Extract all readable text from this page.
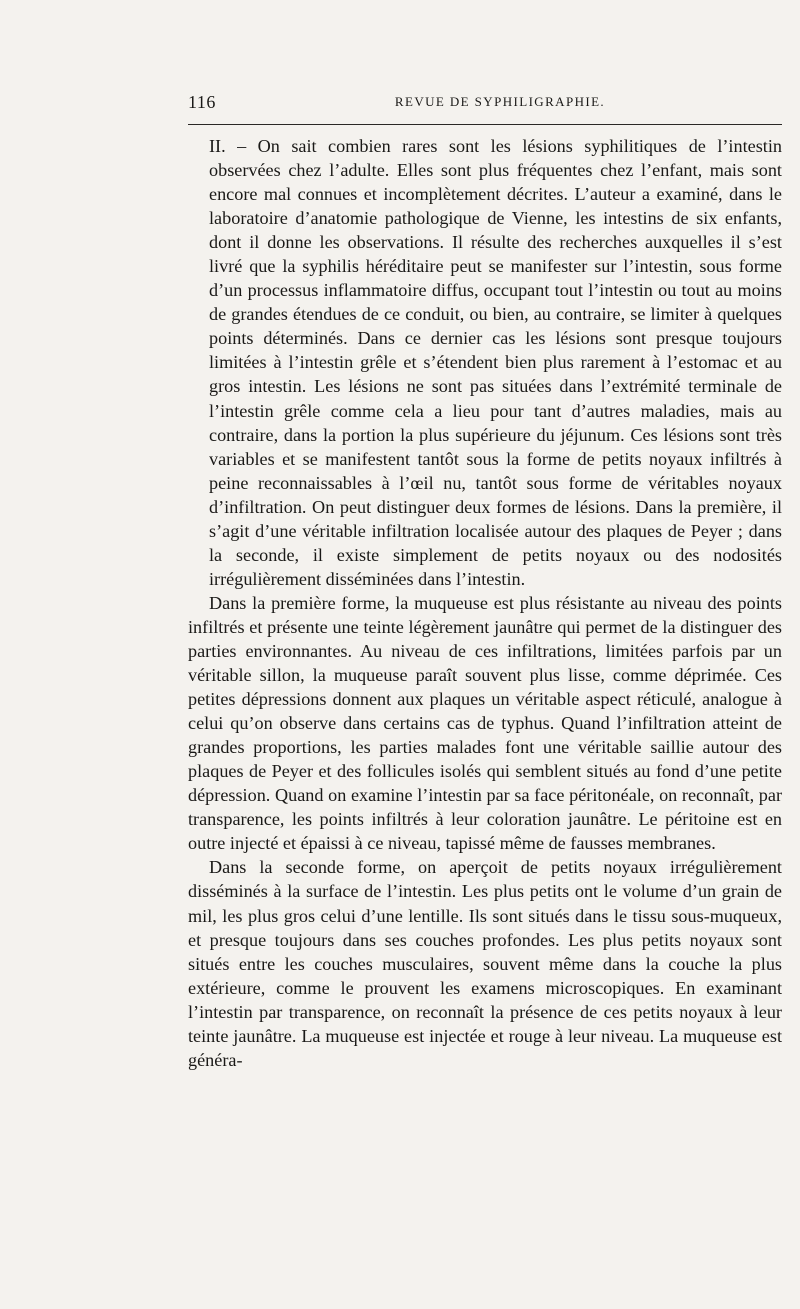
116	REVUE DE SYPHILIGRAPHIE.

II. – On sait combien rares sont les lésions syphilitiques de l’intestin observées chez l’adulte. Elles sont plus fréquentes chez l’enfant, mais sont encore mal connues et incomplètement décrites. L’auteur a examiné, dans le laboratoire d’anatomie pathologique de Vienne, les intestins de six enfants, dont il donne les observations. Il résulte des recherches auxquelles il s’est livré que la syphilis héréditaire peut se manifester sur l’intestin, sous forme d’un processus inflammatoire diffus, occupant tout l’intestin ou tout au moins de grandes étendues de ce conduit, ou bien, au contraire, se limiter à quelques points déterminés. Dans ce dernier cas les lésions sont presque toujours limitées à l’intestin grêle et s’étendent bien plus rarement à l’estomac et au gros intestin. Les lésions ne sont pas situées dans l’extrémité terminale de l’intestin grêle comme cela a lieu pour tant d’autres maladies, mais au contraire, dans la portion la plus supérieure du jéjunum. Ces lésions sont très variables et se manifestent tantôt sous la forme de petits noyaux infiltrés à peine reconnaissables à l’œil nu, tantôt sous forme de véritables noyaux d’infiltration. On peut distinguer deux formes de lésions. Dans la première, il s’agit d’une véritable infiltration localisée autour des plaques de Peyer ; dans la seconde, il existe simplement de petits noyaux ou des nodosités irrégulièrement disséminées dans l’intestin.

Dans la première forme, la muqueuse est plus résistante au niveau des points infiltrés et présente une teinte légèrement jaunâtre qui permet de la distinguer des parties environnantes. Au niveau de ces infiltrations, limitées parfois par un véritable sillon, la muqueuse paraît souvent plus lisse, comme déprimée. Ces petites dépressions donnent aux plaques un véritable aspect réticulé, analogue à celui qu’on observe dans certains cas de typhus. Quand l’infiltration atteint de grandes proportions, les parties malades font une véritable saillie autour des plaques de Peyer et des follicules isolés qui semblent situés au fond d’une petite dépression. Quand on examine l’intestin par sa face péritonéale, on reconnaît, par transparence, les points infiltrés à leur coloration jaunâtre. Le péritoine est en outre injecté et épaissi à ce niveau, tapissé même de fausses membranes.

Dans la seconde forme, on aperçoit de petits noyaux irrégulièrement disséminés à la surface de l’intestin. Les plus petits ont le volume d’un grain de mil, les plus gros celui d’une lentille. Ils sont situés dans le tissu sous-muqueux, et presque toujours dans ses couches profondes. Les plus petits noyaux sont situés entre les couches musculaires, souvent même dans la couche la plus extérieure, comme le prouvent les examens microscopiques. En examinant l’intestin par transparence, on reconnaît la présence de ces petits noyaux à leur teinte jaunâtre. La muqueuse est injectée et rouge à leur niveau. La muqueuse est généra-
